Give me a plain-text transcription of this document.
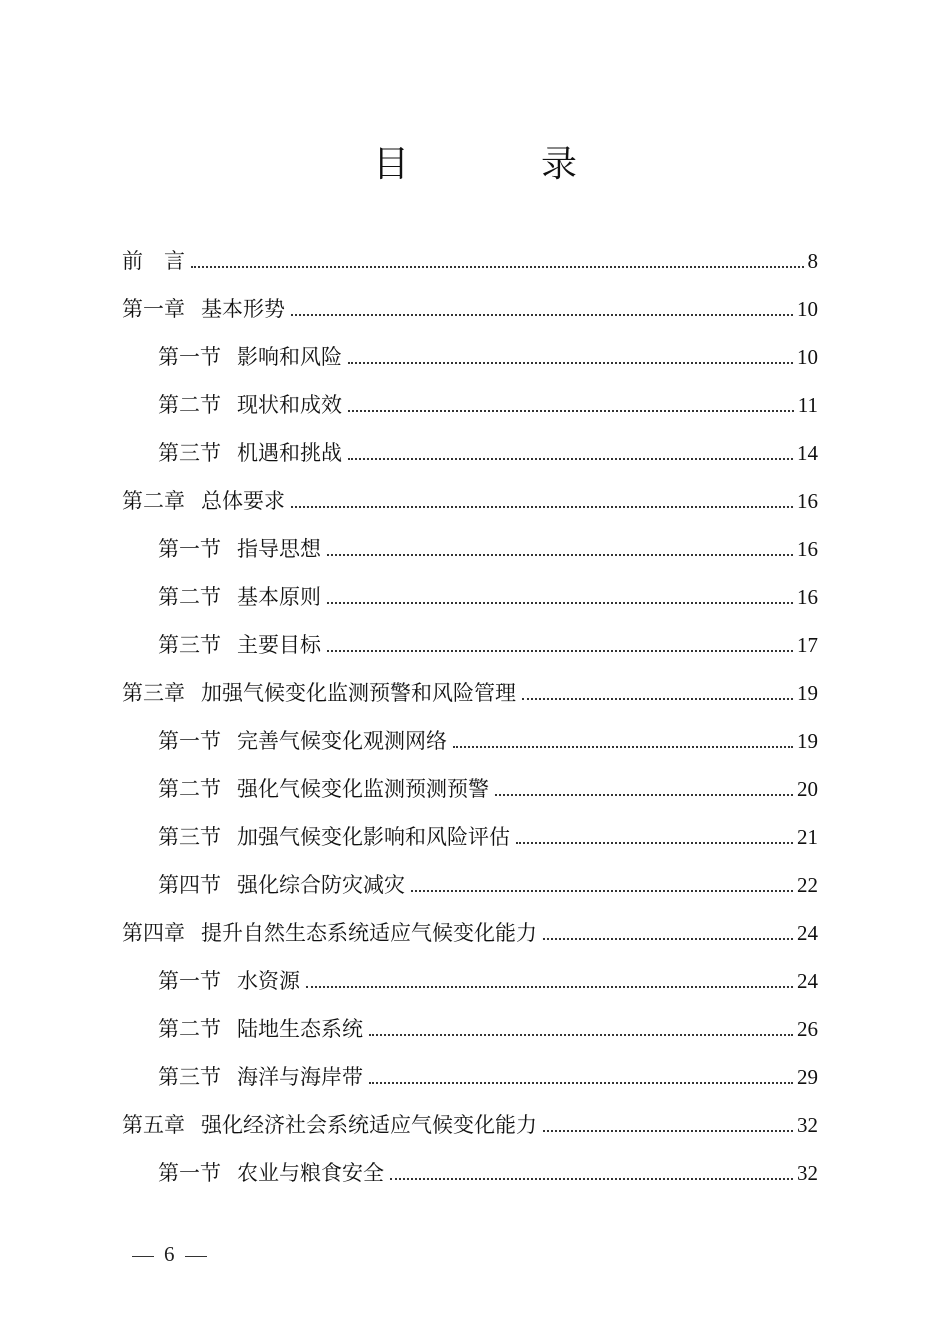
目　录
前　言	8
第一章 基本形势	10
第一节 影响和风险	10
第二节 现状和成效	11
第三节 机遇和挑战	14
第二章 总体要求	16
第一节 指导思想	16
第二节 基本原则	16
第三节 主要目标	17
第三章 加强气候变化监测预警和风险管理	19
第一节 完善气候变化观测网络	19
第二节 强化气候变化监测预测预警	20
第三节 加强气候变化影响和风险评估	21
第四节 强化综合防灾减灾	22
第四章 提升自然生态系统适应气候变化能力	24
第一节 水资源	24
第二节 陆地生态系统	26
第三节 海洋与海岸带	29
第五章 强化经济社会系统适应气候变化能力	32
第一节 农业与粮食安全	32
6
